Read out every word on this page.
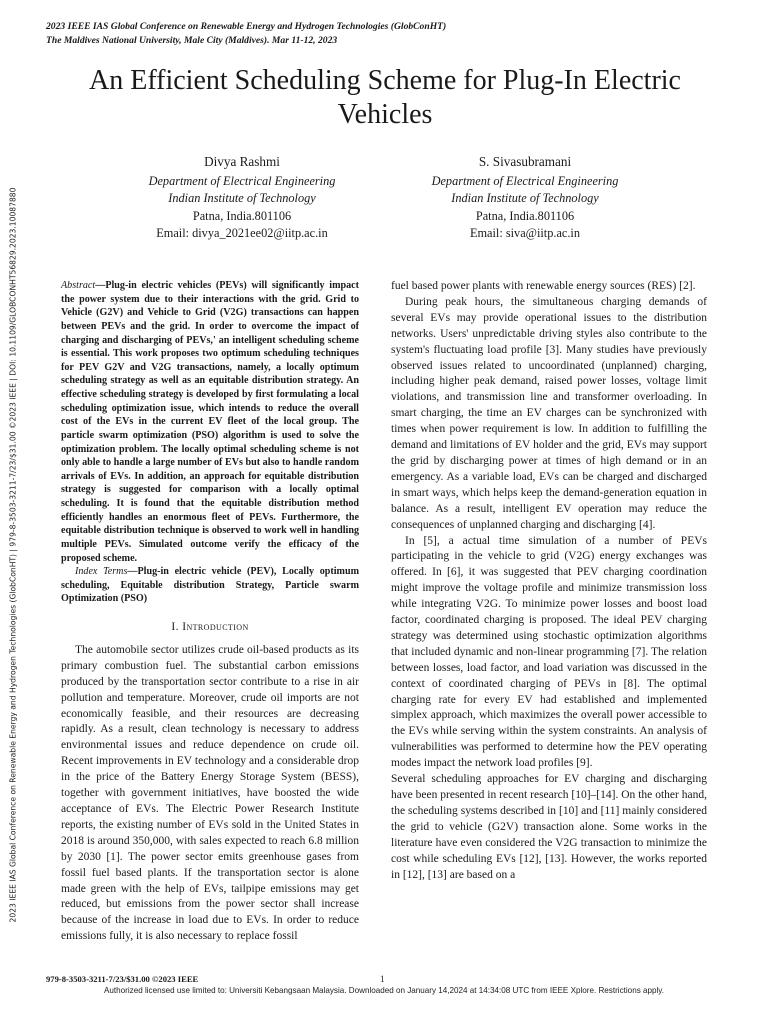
2023 IEEE IAS Global Conference on Renewable Energy and Hydrogen Technologies (GlobConHT)
The Maldives National University, Male City (Maldives). Mar 11-12, 2023
2023 IEEE IAS Global Conference on Renewable Energy and Hydrogen Technologies (GlobConHT) | 979-8-3503-3211-7/23/$31.00 ©2023 IEEE | DOI: 10.1109/GLOBCONHT56829.2023.10087880
An Efficient Scheduling Scheme for Plug-In Electric Vehicles
Divya Rashmi
Department of Electrical Engineering
Indian Institute of Technology
Patna, India.801106
Email: divya_2021ee02@iitp.ac.in
S. Sivasubramani
Department of Electrical Engineering
Indian Institute of Technology
Patna, India.801106
Email: siva@iitp.ac.in

Abstract—Plug-in electric vehicles (PEVs) will significantly impact the power system due to their interactions with the grid. Grid to Vehicle (G2V) and Vehicle to Grid (V2G) transactions can happen between PEVs and the grid. In order to overcome the impact of charging and discharging of PEVs,' an intelligent scheduling scheme is essential. This work proposes two optimum scheduling techniques for PEV G2V and V2G transactions, namely, a locally optimum scheduling strategy as well as an equitable distribution strategy. An effective scheduling strategy is developed by first formulating a local scheduling optimization issue, which intends to reduce the overall cost of the EVs in the current EV fleet of the local group. The particle swarm optimization (PSO) algorithm is used to solve the optimization problem. The locally optimal scheduling scheme is not only able to handle a large number of EVs but also to handle random arrivals of EVs. In addition, an approach for equitable distribution strategy is suggested for comparison with a locally optimal scheduling. It is found that the equitable distribution method efficiently handles an enormous fleet of PEVs. Furthermore, the equitable distribution technique is observed to work well in handling multiple PEVs. Simulated outcome verify the efficacy of the proposed scheme.

Index Terms—Plug-in electric vehicle (PEV), Locally optimum scheduling, Equitable distribution Strategy, Particle swarm Optimization (PSO)

I. Introduction

The automobile sector utilizes crude oil-based products as its primary combustion fuel. The substantial carbon emissions produced by the transportation sector contribute to a rise in air pollution and temperature. Moreover, crude oil imports are not economically feasible, and their resources are decreasing rapidly. As a result, clean technology is necessary to address environmental issues and reduce dependence on crude oil. Recent improvements in EV technology and a considerable drop in the price of the Battery Energy Storage System (BESS), together with government initiatives, have boosted the wide acceptance of EVs. The Electric Power Research Institute reports, the existing number of EVs sold in the United States in 2018 is around 350,000, with sales expected to reach 6.8 million by 2030 [1]. The power sector emits greenhouse gases from fossil fuel based plants. If the transportation sector is alone made green with the help of EVs, tailpipe emissions may get reduced, but emissions from the power sector shall increase because of the increase in load due to EVs. In order to reduce emissions fully, it is also necessary to replace fossil

fuel based power plants with renewable energy sources (RES) [2].

During peak hours, the simultaneous charging demands of several EVs may provide operational issues to the distribution networks. Users' unpredictable driving styles also contribute to the system's fluctuating load profile [3]. Many studies have previously observed issues related to uncoordinated (unplanned) charging, including higher peak demand, raised power losses, voltage limit violations, and transmission line and transformer overloading. In smart charging, the time an EV charges can be synchronized with times when power requirement is low. In addition to fulfilling the demand and limitations of EV holder and the grid, EVs may support the grid by discharging power at times of high demand or in an emergency. As a variable load, EVs can be charged and discharged in smart ways, which helps keep the demand-generation equation in balance. As a result, intelligent EV operation may reduce the consequences of unplanned charging and discharging [4].

In [5], a actual time simulation of a number of PEVs participating in the vehicle to grid (V2G) energy exchanges was offered. In [6], it was suggested that PEV charging coordination might improve the voltage profile and minimize transmission loss while integrating V2G. To minimize power losses and boost load factor, coordinated charging is proposed. The ideal PEV charging strategy was determined using stochastic optimization algorithms that included dynamic and non-linear programming [7]. The relation between losses, load factor, and load variation was discussed in the context of coordinated charging of PEVs in [8]. The optimal charging rate for every EV had established and implemented simplex approach, which maximizes the overall power accessible to the EVs while serving within the system constraints. An analysis of vulnerabilities was performed to determine how the PEV operating modes impact the network load profiles [9].

Several scheduling approaches for EV charging and discharging have been presented in recent research [10]–[14]. On the other hand, the scheduling systems described in [10] and [11] mainly considered the grid to vehicle (G2V) transaction alone. Some works in the literature have even considered the V2G transaction to minimize the cost while scheduling EVs [12], [13]. However, the works reported in [12], [13] are based on a

979-8-3503-3211-7/23/$31.00 ©2023 IEEE	1
Authorized licensed use limited to: Universiti Kebangsaan Malaysia. Downloaded on January 14,2024 at 14:34:08 UTC from IEEE Xplore. Restrictions apply.
